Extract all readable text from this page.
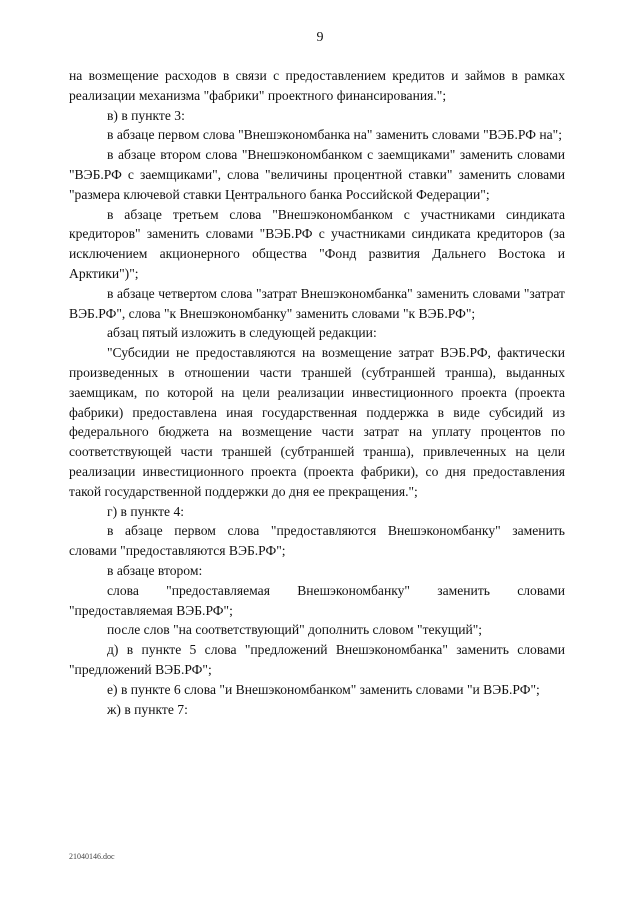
9

на возмещение расходов в связи с предоставлением кредитов и займов в рамках реализации механизма "фабрики" проектного финансирования.";

в) в пункте 3:

в абзаце первом слова "Внешэкономбанка на" заменить словами "ВЭБ.РФ на";

в абзаце втором слова "Внешэкономбанком с заемщиками" заменить словами "ВЭБ.РФ с заемщиками", слова "величины процентной ставки" заменить словами "размера ключевой ставки Центрального банка Российской Федерации";

в абзаце третьем слова "Внешэкономбанком с участниками синдиката кредиторов" заменить словами "ВЭБ.РФ с участниками синдиката кредиторов (за исключением акционерного общества "Фонд развития Дальнего Востока и Арктики")";

в абзаце четвертом слова "затрат Внешэкономбанка" заменить словами "затрат ВЭБ.РФ", слова "к Внешэкономбанку" заменить словами "к ВЭБ.РФ";

абзац пятый изложить в следующей редакции:

"Субсидии не предоставляются на возмещение затрат ВЭБ.РФ, фактически произведенных в отношении части траншей (субтраншей транша), выданных заемщикам, по которой на цели реализации инвестиционного проекта (проекта фабрики) предоставлена иная государственная поддержка в виде субсидий из федерального бюджета на возмещение части затрат на уплату процентов по соответствующей части траншей (субтраншей транша), привлеченных на цели реализации инвестиционного проекта (проекта фабрики), со дня предоставления такой государственной поддержки до дня ее прекращения.";

г) в пункте 4:

в абзаце первом слова "предоставляются Внешэкономбанку" заменить словами "предоставляются ВЭБ.РФ";

в абзаце втором:

слова "предоставляемая Внешэкономбанку" заменить словами "предоставляемая ВЭБ.РФ";

после слов "на соответствующий" дополнить словом "текущий";

д) в пункте 5 слова "предложений Внешэкономбанка" заменить словами "предложений ВЭБ.РФ";

е) в пункте 6 слова "и Внешэкономбанком" заменить словами "и ВЭБ.РФ";

ж) в пункте 7:

21040146.doc
